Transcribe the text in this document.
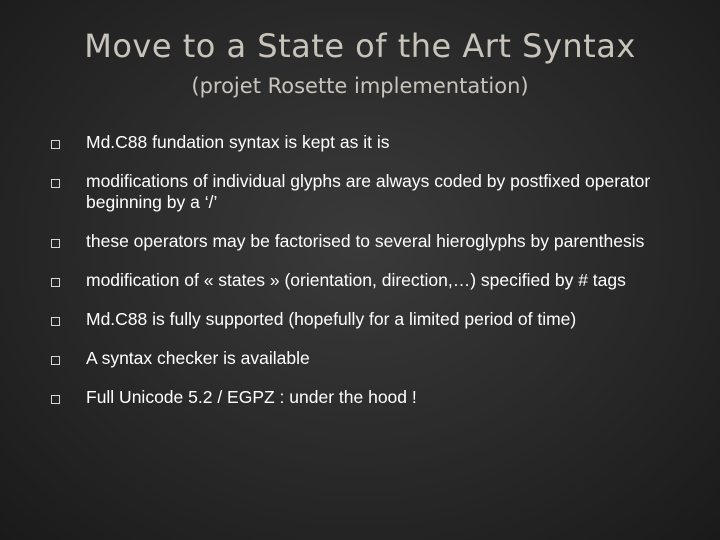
Move to a State of the Art Syntax
(projet Rosette implementation)
Md.C88 fundation syntax is kept as it is
modifications of individual glyphs are always coded by postfixed operator beginning by a ‘/’
these operators may be factorised to several hieroglyphs by parenthesis
modification of « states » (orientation, direction,…) specified by # tags
Md.C88 is fully supported (hopefully for a limited period of time)
A syntax checker is available
Full Unicode 5.2 / EGPZ : under the hood !
